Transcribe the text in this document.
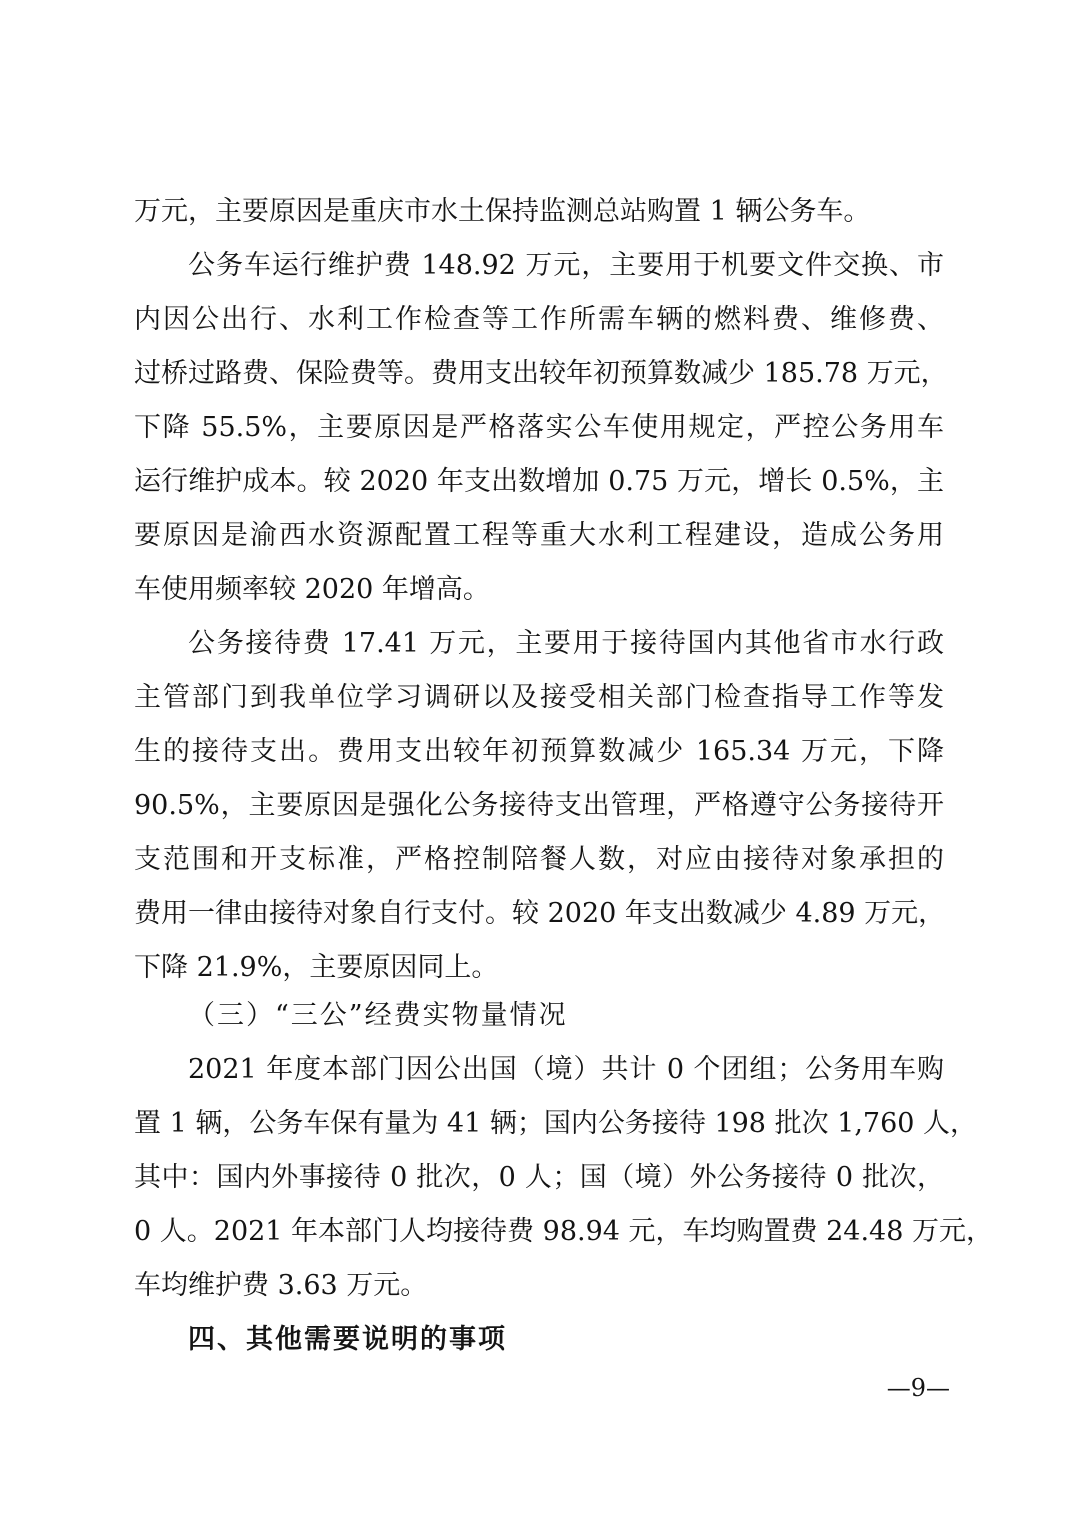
万元，主要原因是重庆市水土保持监测总站购置 1 辆公务车。
公务车运行维护费 148.92 万元，主要用于机要文件交换、市
内因公出行、水利工作检查等工作所需车辆的燃料费、维修费、
过桥过路费、保险费等。费用支出较年初预算数减少 185.78 万元，
下降 55.5%，主要原因是严格落实公车使用规定，严控公务用车
运行维护成本。较 2020 年支出数增加 0.75 万元，增长 0.5%，主
要原因是渝西水资源配置工程等重大水利工程建设，造成公务用
车使用频率较 2020 年增高。
公务接待费 17.41 万元，主要用于接待国内其他省市水行政
主管部门到我单位学习调研以及接受相关部门检查指导工作等发
生的接待支出。费用支出较年初预算数减少 165.34 万元，下降
90.5%，主要原因是强化公务接待支出管理，严格遵守公务接待开
支范围和开支标准，严格控制陪餐人数，对应由接待对象承担的
费用一律由接待对象自行支付。较 2020 年支出数减少 4.89 万元，
下降 21.9%，主要原因同上。
（三）“三公”经费实物量情况
2021 年度本部门因公出国（境）共计 0 个团组；公务用车购
置 1 辆，公务车保有量为 41 辆；国内公务接待 198 批次 1,760 人，
其中：国内外事接待 0 批次，0 人；国（境）外公务接待 0 批次，
0 人。2021 年本部门人均接待费 98.94 元，车均购置费 24.48 万元，
车均维护费 3.63 万元。
四、其他需要说明的事项
—9—
